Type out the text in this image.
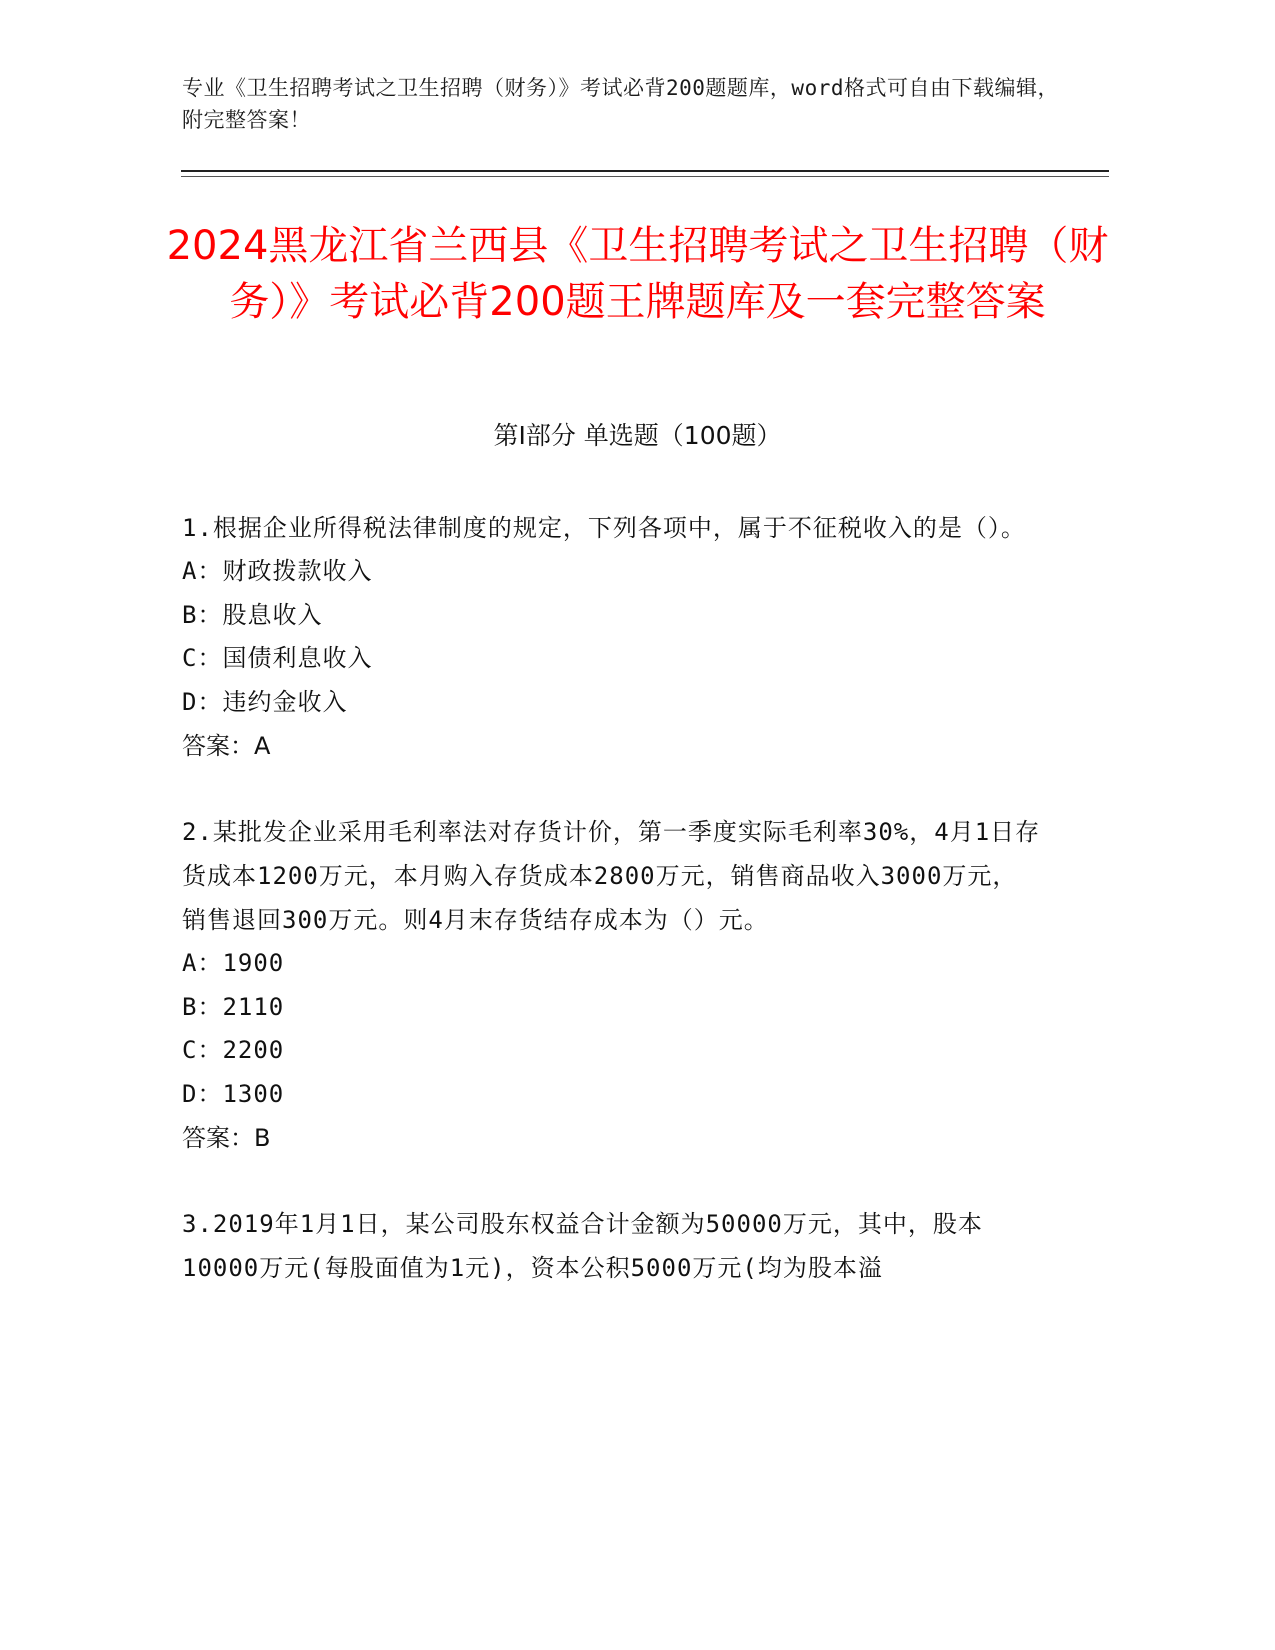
专业《卫生招聘考试之卫生招聘（财务）》考试必背200题题库，word格式可自由下载编辑，附完整答案！
2024黑龙江省兰西县《卫生招聘考试之卫生招聘（财务）》考试必背200题王牌题库及一套完整答案
第I部分 单选题（100题）

1.根据企业所得税法律制度的规定，下列各项中，属于不征税收入的是（）。

A：财政拨款收入

B：股息收入

C：国债利息收入

D：违约金收入

答案：A

2.某批发企业采用毛利率法对存货计价，第一季度实际毛利率30%，4月1日存货成本1200万元，本月购入存货成本2800万元，销售商品收入3000万元，销售退回300万元。则4月末存货结存成本为（）元。

A：1900

B：2110

C：2200

D：1300

答案：B

3.2019年1月1日，某公司股东权益合计金额为50000万元，其中，股本10000万元(每股面值为1元)，资本公积5000万元(均为股本溢
